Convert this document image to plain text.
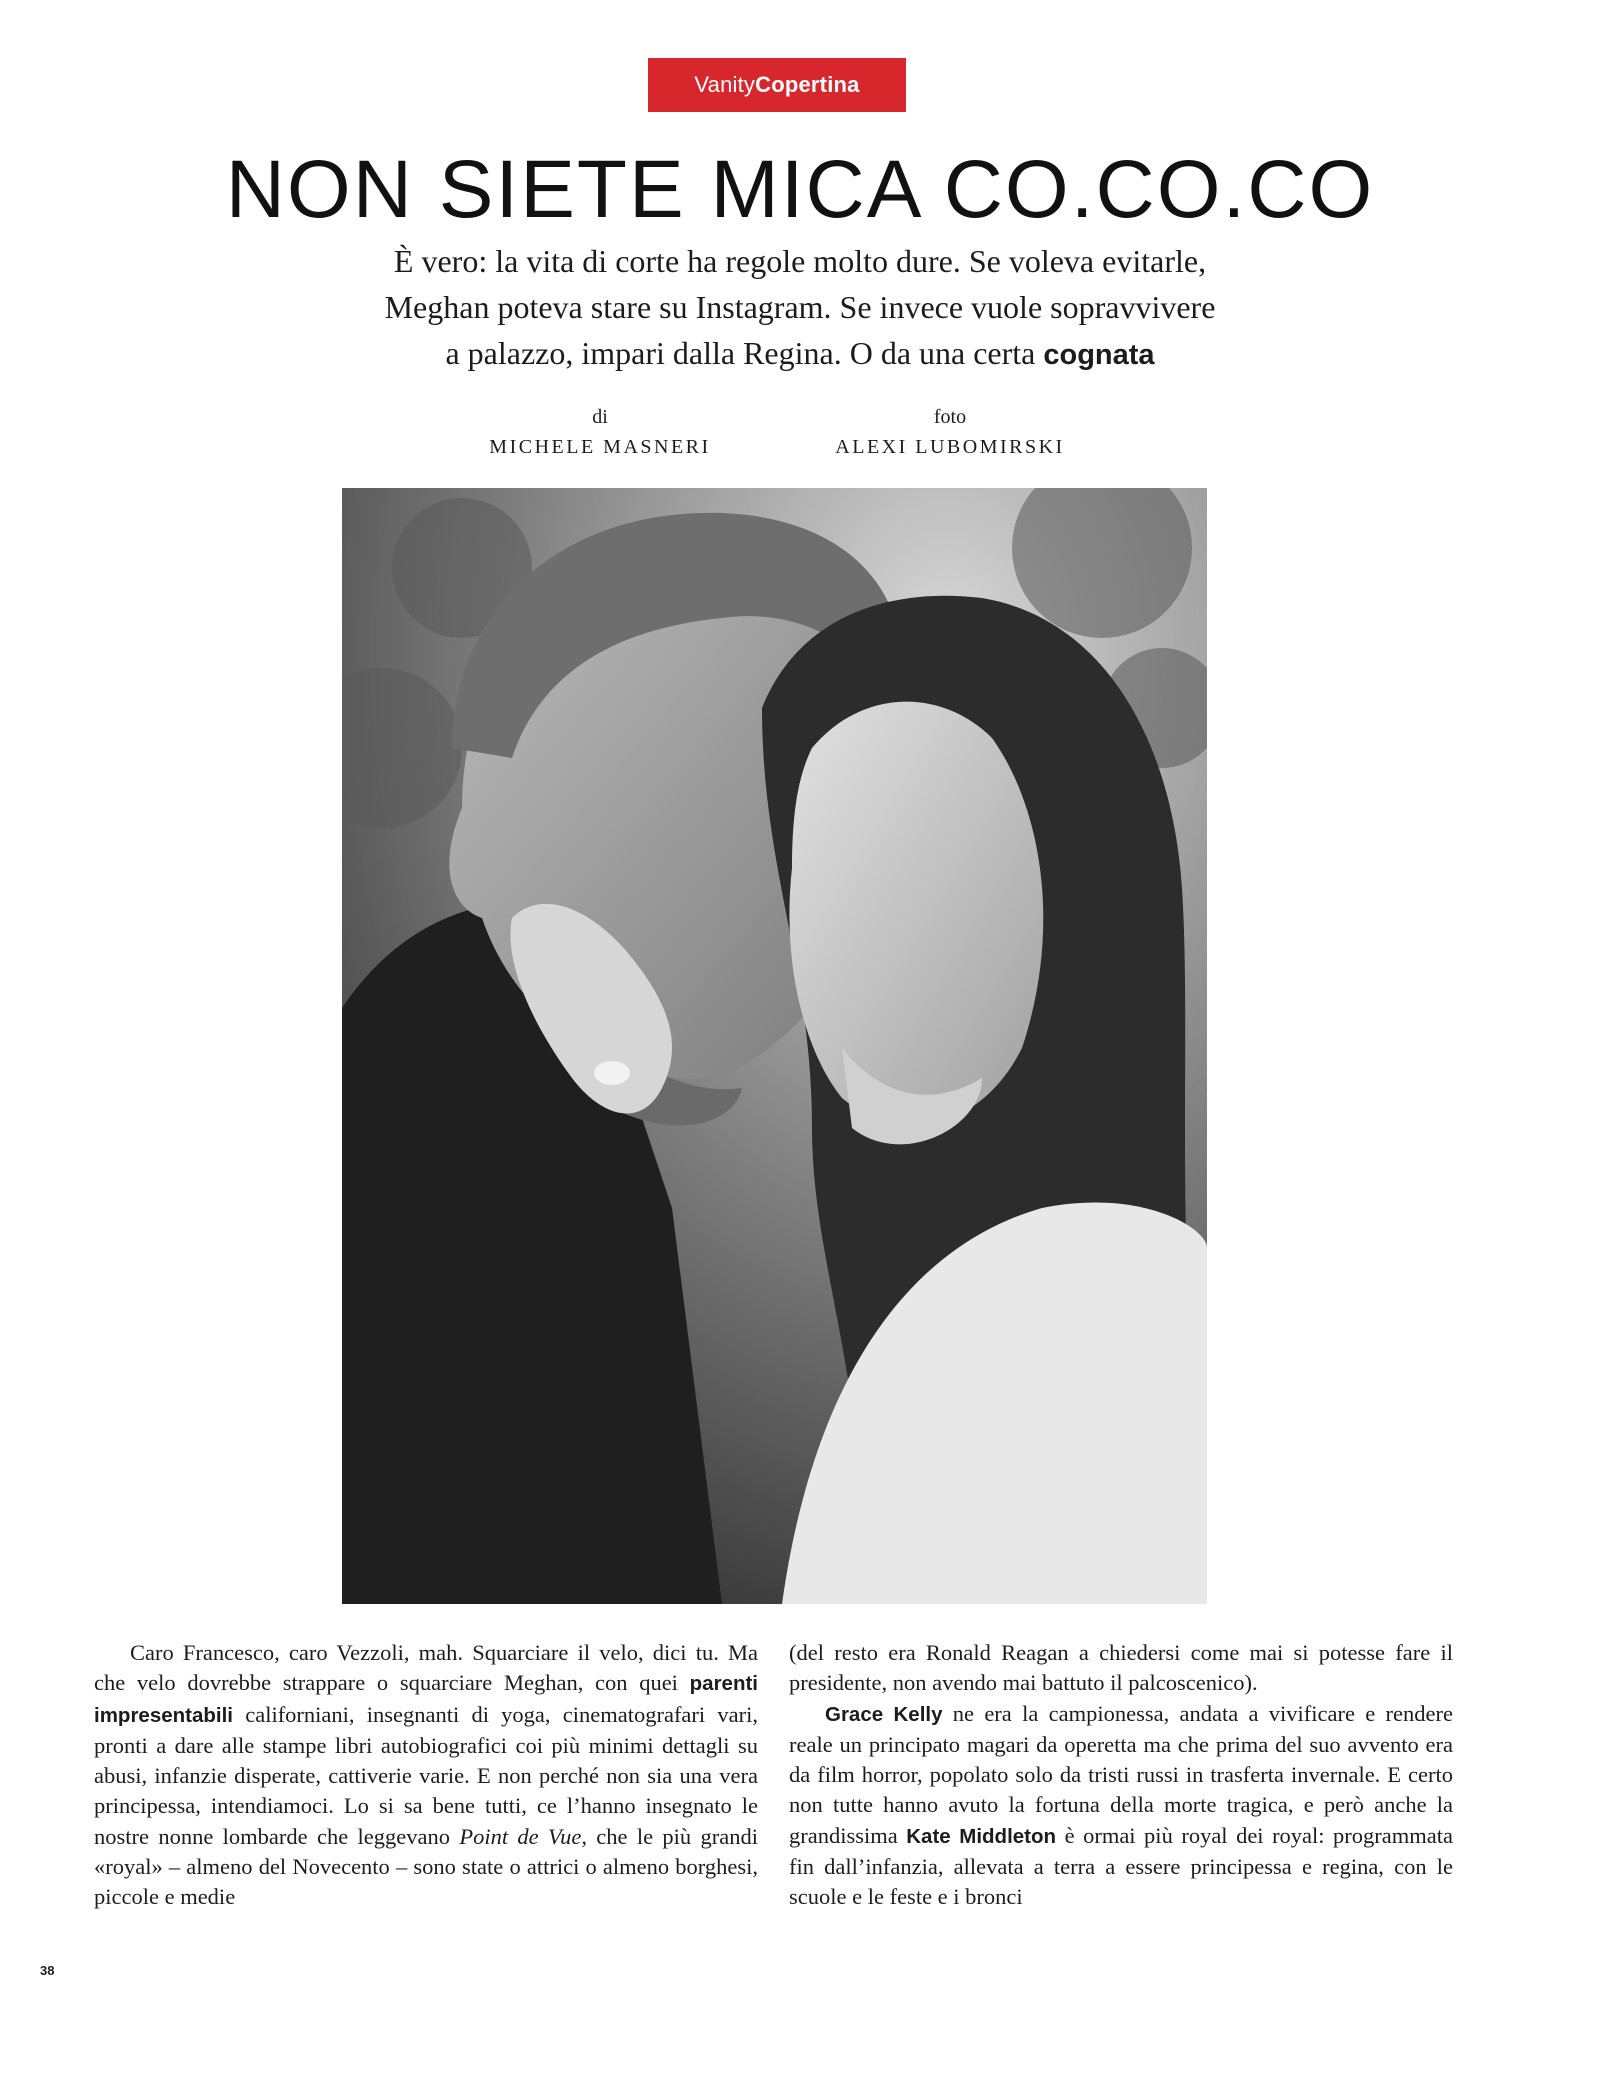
VanityCopertina
NON SIETE MICA CO.CO.CO
È vero: la vita di corte ha regole molto dure. Se voleva evitarle,
Meghan poteva stare su Instagram. Se invece vuole sopravvivere
a palazzo, impari dalla Regina. O da una certa cognata
di
MICHELE MASNERI
foto
ALEXI LUBOMIRSKI

Caro Francesco, caro Vezzoli, mah. Squarciare il velo, dici tu. Ma che velo dovrebbe strappare o squarciare Meghan, con quei parenti impresentabili californiani, insegnanti di yoga, cinematografari vari, pronti a dare alle stampe libri autobiografici coi più minimi dettagli su abusi, infanzie disperate, cattiverie varie. E non perché non sia una vera principessa, intendiamoci. Lo si sa bene tutti, ce l’hanno insegnato le nostre nonne lombarde che leggevano Point de Vue, che le più grandi «royal» – almeno del Novecento – sono state o attrici o almeno borghesi, piccole e medie

(del resto era Ronald Reagan a chiedersi come mai si potesse fare il presidente, non avendo mai battuto il palcoscenico).

Grace Kelly ne era la campionessa, andata a vivificare e rendere reale un principato magari da operetta ma che prima del suo avvento era da film horror, popolato solo da tristi russi in trasferta invernale. E certo non tutte hanno avuto la fortuna della morte tragica, e però anche la grandissima Kate Middleton è ormai più royal dei royal: programmata fin dall’infanzia, allevata a terra a essere principessa e regina, con le scuole e le feste e i bronci

38
